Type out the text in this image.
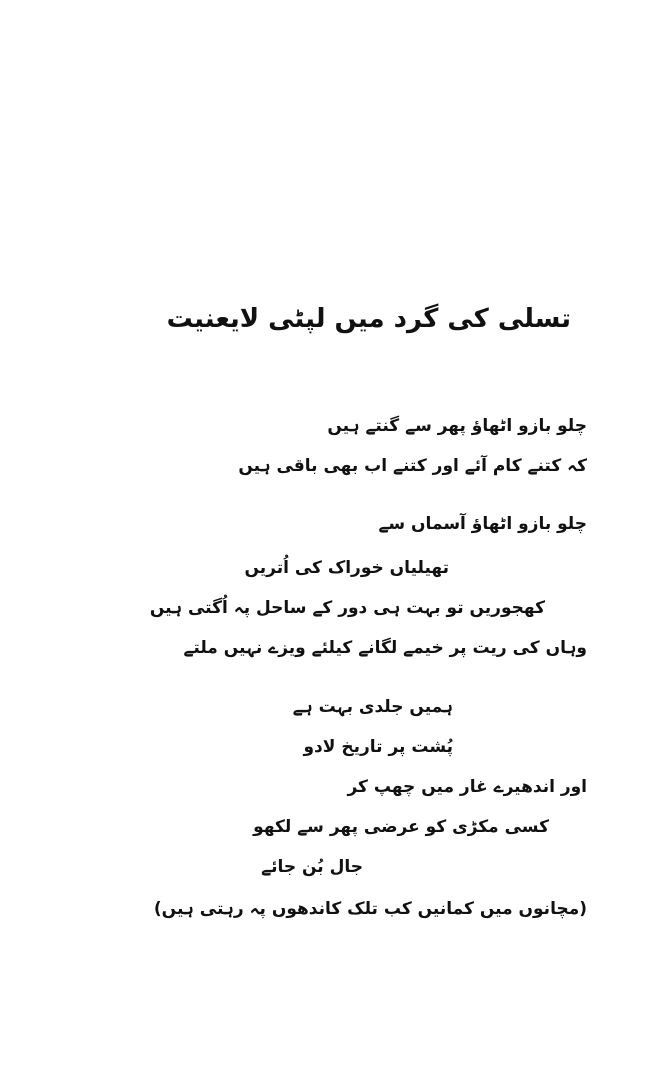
تسلی کی گرد میں لپٹی لایعنیت
چلو بازو اٹھاؤ پھر سے گنتے ہیں
کہ کتنے کام آئے اور کتنے اب بھی باقی ہیں
چلو بازو اٹھاؤ آسماں سے
تھیلیاں خوراک کی اُتریں
کھجوریں تو بہت ہی دور کے ساحل پہ اُگتی ہیں
وہاں کی ریت پر خیمے لگانے کیلئے ویزے نہیں ملتے
ہمیں جلدی بہت ہے
پُشت پر تاریخ لادو
اور اندھیرے غار میں چھپ کر
کسی مکڑی کو عرضی پھر سے لکھو
جال بُن جائے
(مچانوں میں کمانیں کب تلک کاندھوں پہ رہتی ہیں)
